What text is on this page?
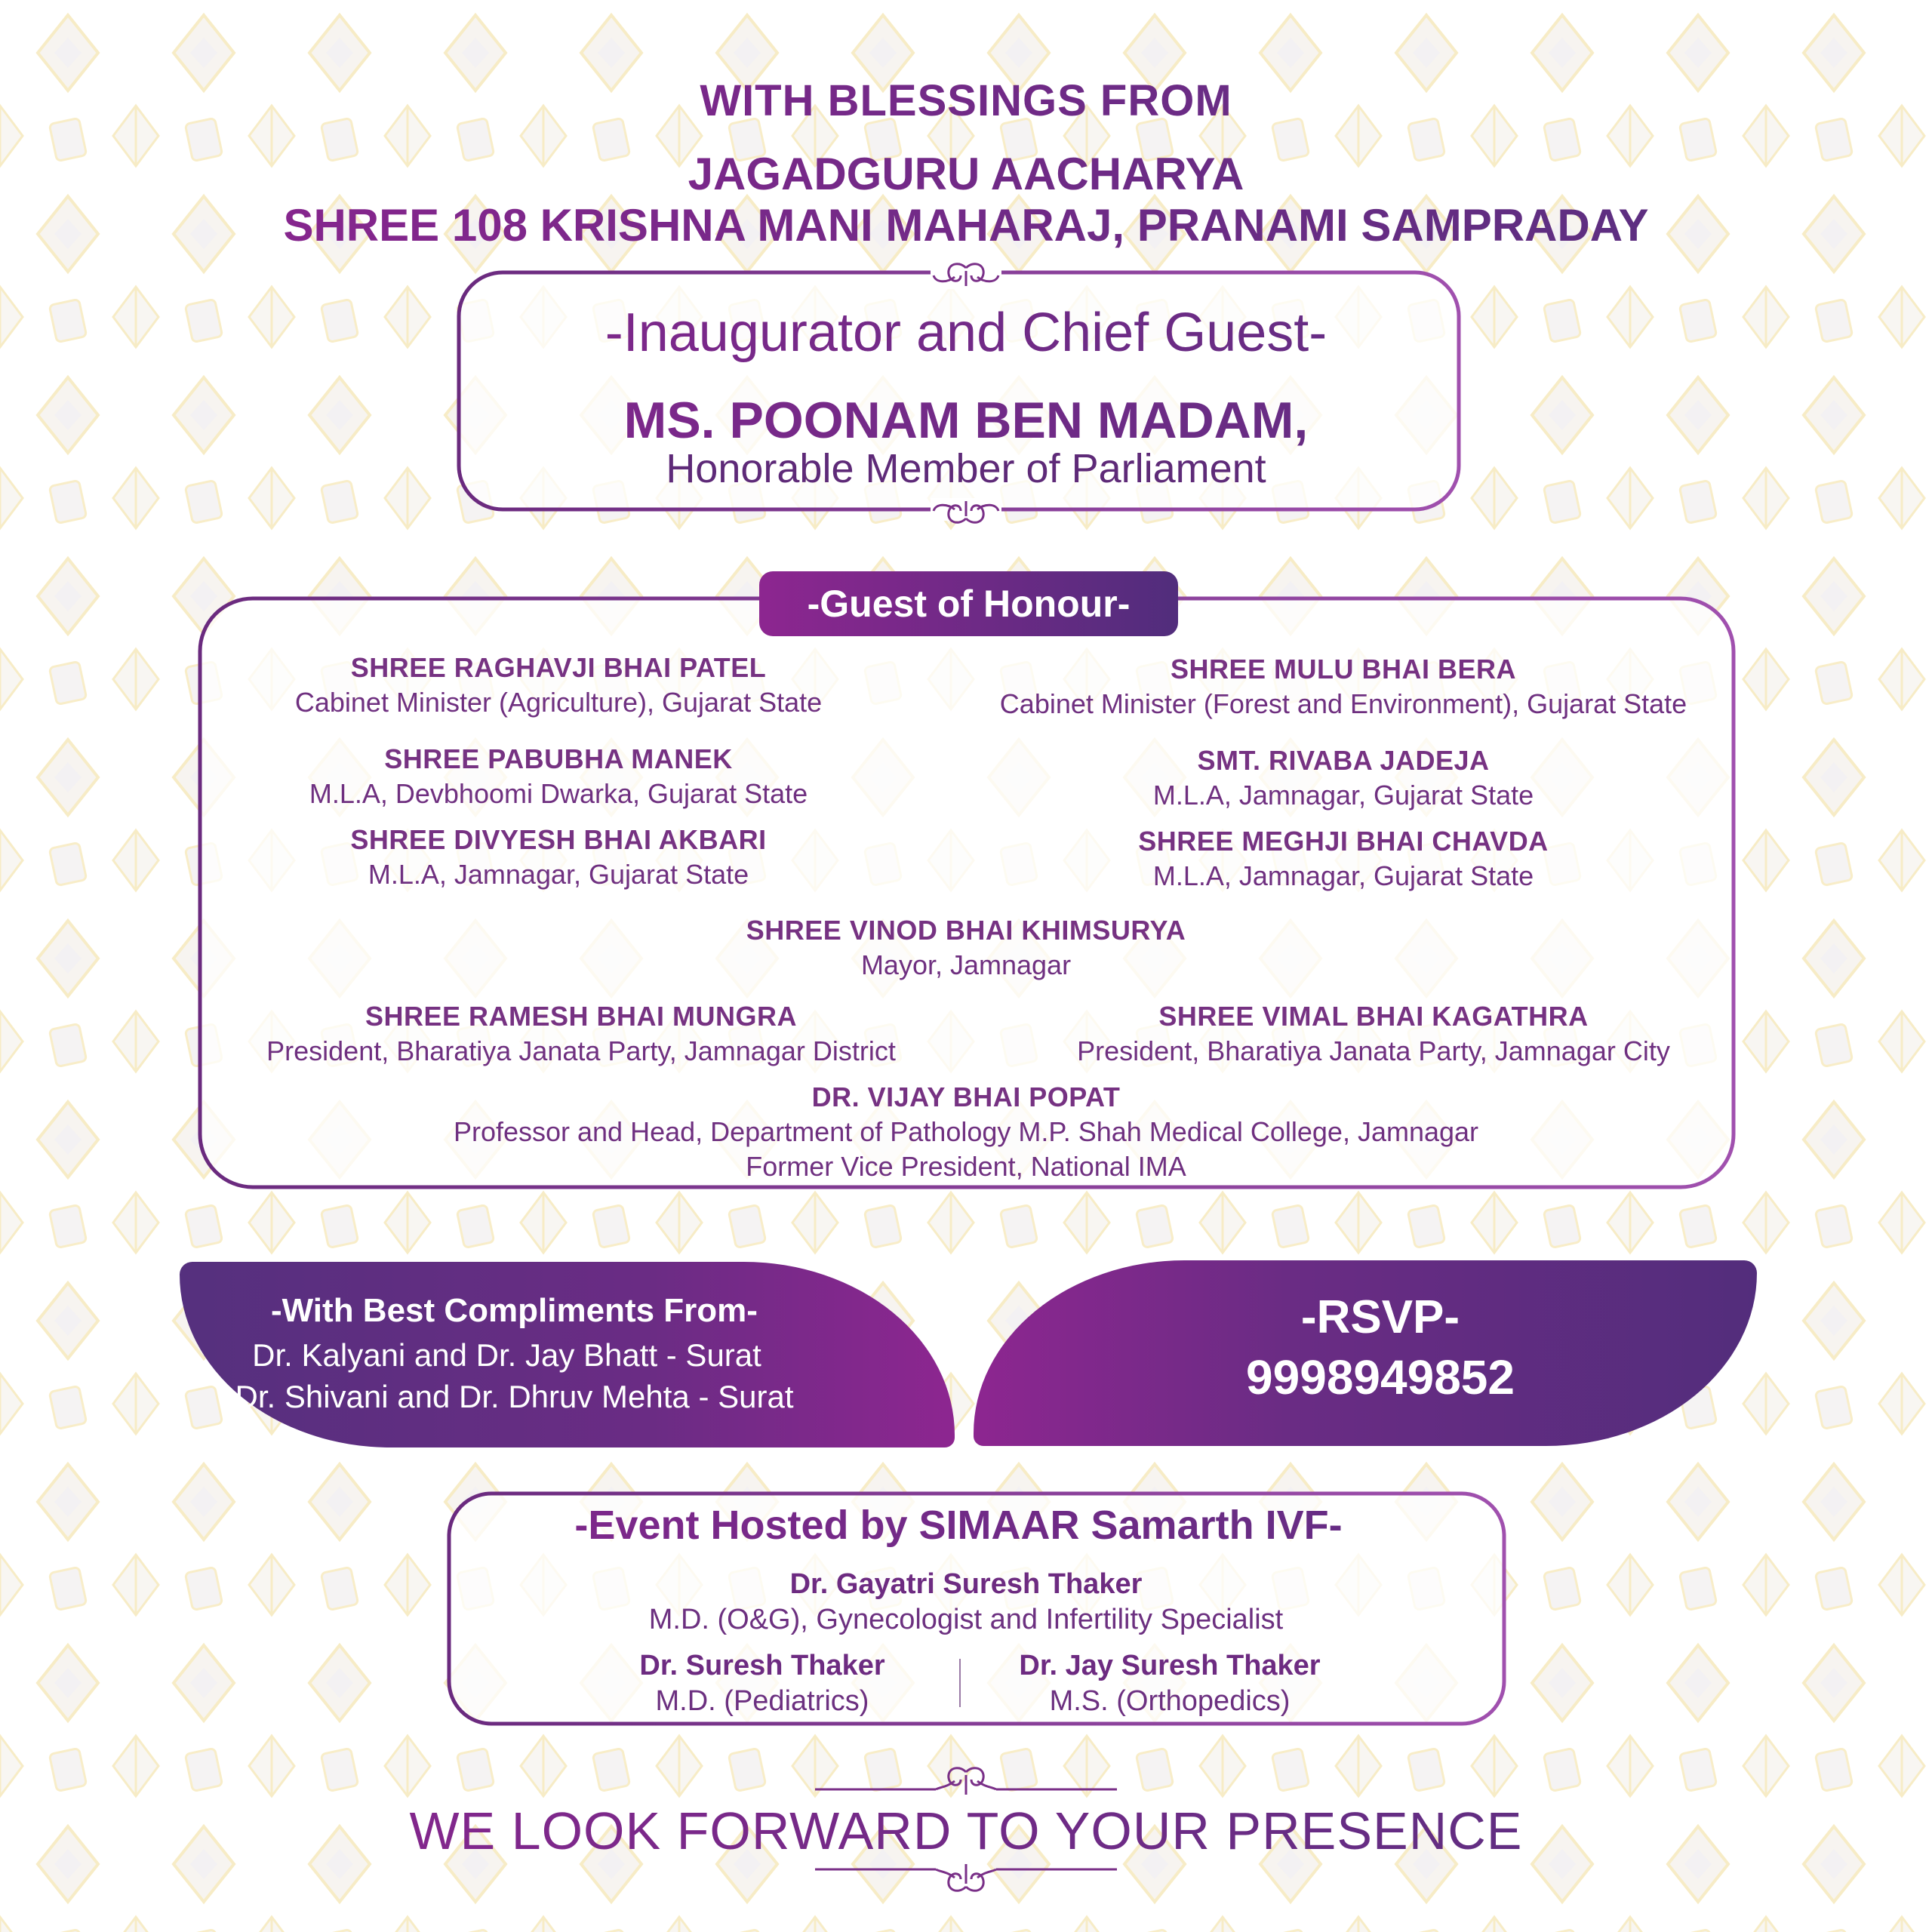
WITH BLESSINGS FROM
JAGADGURU AACHARYA
SHREE 108 KRISHNA MANI MAHARAJ, PRANAMI SAMPRADAY
-Inaugurator and Chief Guest-
MS. POONAM BEN MADAM,
Honorable Member of Parliament
-Guest of Honour-
SHREE RAGHAVJI BHAI PATEL
Cabinet Minister (Agriculture), Gujarat State
SHREE MULU BHAI BERA
Cabinet Minister (Forest and Environment), Gujarat State
SHREE PABUBHA MANEK
M.L.A, Devbhoomi Dwarka, Gujarat State
SMT. RIVABA JADEJA
M.L.A, Jamnagar, Gujarat State
SHREE DIVYESH BHAI AKBARI
M.L.A, Jamnagar, Gujarat State
SHREE MEGHJI BHAI CHAVDA
M.L.A, Jamnagar, Gujarat State
SHREE VINOD BHAI KHIMSURYA
Mayor, Jamnagar
SHREE RAMESH BHAI MUNGRA
President, Bharatiya Janata Party, Jamnagar District
SHREE VIMAL BHAI KAGATHRA
President, Bharatiya Janata Party, Jamnagar City
DR. VIJAY BHAI POPAT
Professor and Head, Department of Pathology M.P. Shah Medical College, Jamnagar
Former Vice President, National IMA
-With Best Compliments From-
Dr. Kalyani and Dr. Jay Bhatt - Surat
Dr. Shivani and Dr. Dhruv Mehta - Surat
-RSVP-
9998949852
-Event Hosted by SIMAAR Samarth IVF-
Dr. Gayatri Suresh Thaker
M.D. (O&G), Gynecologist and Infertility Specialist
Dr. Suresh Thaker
M.D. (Pediatrics)
Dr. Jay Suresh Thaker
M.S. (Orthopedics)
WE LOOK FORWARD TO YOUR PRESENCE
